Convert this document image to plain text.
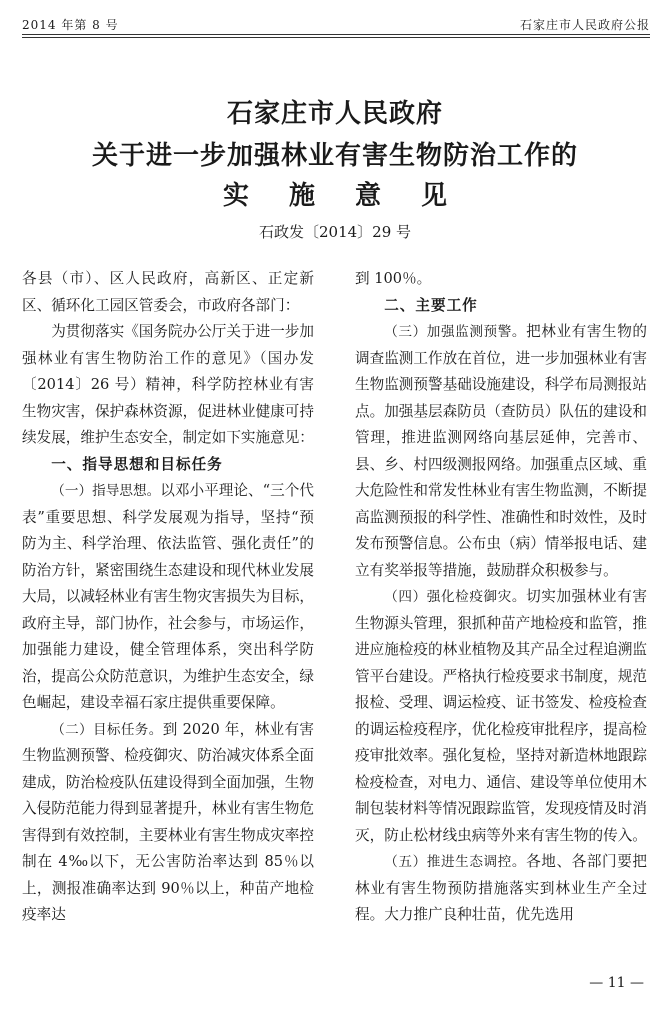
2014 年第 8 号	石家庄市人民政府公报
石家庄市人民政府
关于进一步加强林业有害生物防治工作的
实施意见
石政发〔2014〕29 号

各县（市）、区人民政府，高新区、正定新区、循环化工园区管委会，市政府各部门：

为贯彻落实《国务院办公厅关于进一步加强林业有害生物防治工作的意见》（国办发〔2014〕26 号）精神，科学防控林业有害生物灾害，保护森林资源，促进林业健康可持续发展，维护生态安全，制定如下实施意见：

一、指导思想和目标任务

（一）指导思想。以邓小平理论、“三个代表”重要思想、科学发展观为指导，坚持“预防为主、科学治理、依法监管、强化责任”的防治方针，紧密围绕生态建设和现代林业发展大局，以减轻林业有害生物灾害损失为目标，政府主导，部门协作，社会参与，市场运作，加强能力建设，健全管理体系，突出科学防治，提高公众防范意识，为维护生态安全，绿色崛起，建设幸福石家庄提供重要保障。

（二）目标任务。到 2020 年，林业有害生物监测预警、检疫御灾、防治减灾体系全面建成，防治检疫队伍建设得到全面加强，生物入侵防范能力得到显著提升，林业有害生物危害得到有效控制，主要林业有害生物成灾率控制在 4‰以下，无公害防治率达到 85％以上，测报准确率达到 90％以上，种苗产地检疫率达

到 100％。

二、主要工作

（三）加强监测预警。把林业有害生物的调查监测工作放在首位，进一步加强林业有害生物监测预警基础设施建设，科学布局测报站点。加强基层森防员（查防员）队伍的建设和管理，推进监测网络向基层延伸，完善市、县、乡、村四级测报网络。加强重点区域、重大危险性和常发性林业有害生物监测，不断提高监测预报的科学性、准确性和时效性，及时发布预警信息。公布虫（病）情举报电话、建立有奖举报等措施，鼓励群众积极参与。

（四）强化检疫御灾。切实加强林业有害生物源头管理，狠抓种苗产地检疫和监管，推进应施检疫的林业植物及其产品全过程追溯监管平台建设。严格执行检疫要求书制度，规范报检、受理、调运检疫、证书签发、检疫检查的调运检疫程序，优化检疫审批程序，提高检疫审批效率。强化复检，坚持对新造林地跟踪检疫检查，对电力、通信、建设等单位使用木制包装材料等情况跟踪监管，发现疫情及时消灭，防止松材线虫病等外来有害生物的传入。

（五）推进生态调控。各地、各部门要把林业有害生物预防措施落实到林业生产全过程。大力推广良种壮苗，优先选用

— 11 —
